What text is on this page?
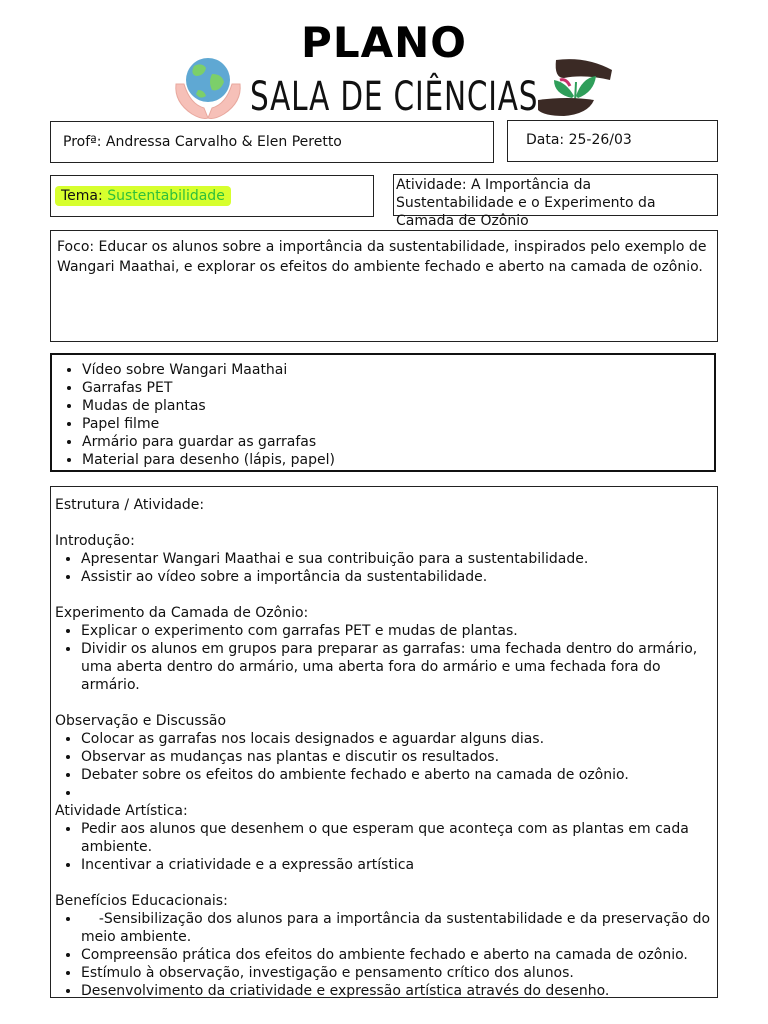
PLANO
SALA DE CIÊNCIAS
Profª: Andressa Carvalho & Elen Peretto	Data: 25-26/03
Tema: Sustentabilidade
Atividade: A Importância da Sustentabilidade e o Experimento da Camada de Ozônio
Foco: Educar os alunos sobre a importância da sustentabilidade, inspirados pelo exemplo de Wangari Maathai, e explorar os efeitos do ambiente fechado e aberto na camada de ozônio.
• Vídeo sobre Wangari Maathai
• Garrafas PET
• Mudas de plantas
• Papel filme
• Armário para guardar as garrafas
• Material para desenho (lápis, papel)
Estrutura / Atividade:
Introdução:
• Apresentar Wangari Maathai e sua contribuição para a sustentabilidade.
• Assistir ao vídeo sobre a importância da sustentabilidade.
Experimento da Camada de Ozônio:
• Explicar o experimento com garrafas PET e mudas de plantas.
• Dividir os alunos em grupos para preparar as garrafas: uma fechada dentro do armário, uma aberta dentro do armário, uma aberta fora do armário e uma fechada fora do armário.
Observação e Discussão
• Colocar as garrafas nos locais designados e aguardar alguns dias.
• Observar as mudanças nas plantas e discutir os resultados.
• Debater sobre os efeitos do ambiente fechado e aberto na camada de ozônio.
•
Atividade Artística:
• Pedir aos alunos que desenhem o que esperam que aconteça com as plantas em cada ambiente.
• Incentivar a criatividade e a expressão artística
Benefícios Educacionais:
•     -Sensibilização dos alunos para a importância da sustentabilidade e da preservação do meio ambiente.
• Compreensão prática dos efeitos do ambiente fechado e aberto na camada de ozônio.
• Estímulo à observação, investigação e pensamento crítico dos alunos.
• Desenvolvimento da criatividade e expressão artística através do desenho.
